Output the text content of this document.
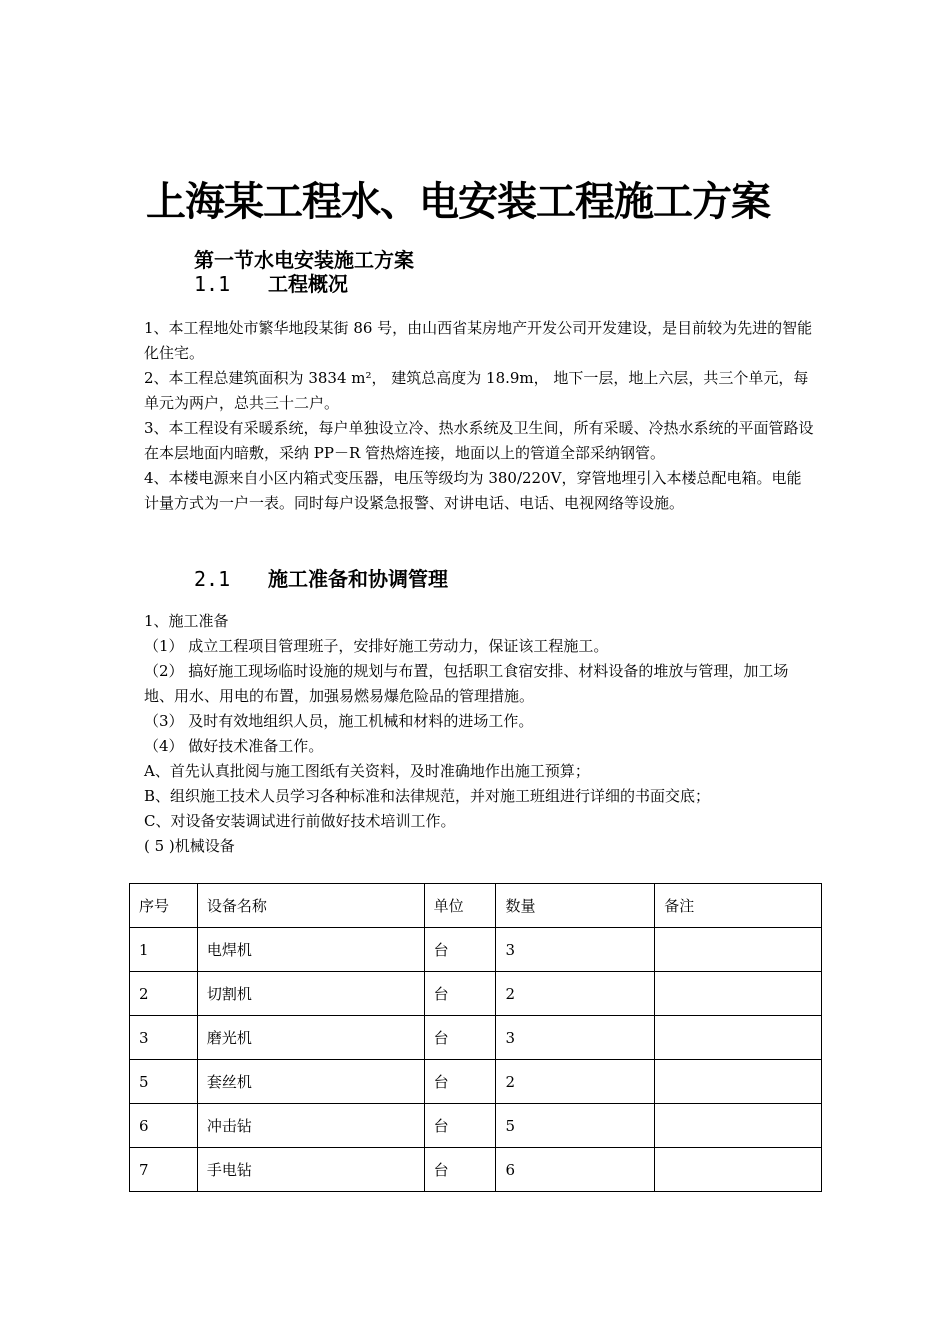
上海某工程水、电安装工程施工方案
第一节水电安装施工方案
1.1 工程概况

1、本工程地处市繁华地段某街 86 号，由山西省某房地产开发公司开发建设，是目前较为先进的智能化住宅。

2、本工程总建筑面积为 3834 m²， 建筑总高度为 18.9m， 地下一层，地上六层，共三个单元，每单元为两户，总共三十二户。

3、本工程设有采暖系统，每户单独设立冷、热水系统及卫生间，所有采暖、冷热水系统的平面管路设在本层地面内暗敷，采纳 PP－R 管热熔连接，地面以上的管道全部采纳钢管。

4、本楼电源来自小区内箱式变压器，电压等级均为 380/220V，穿管地埋引入本楼总配电箱。电能计量方式为一户一表。同时每户设紧急报警、对讲电话、电话、电视网络等设施。

2.1 施工准备和协调管理

1、施工准备

（1） 成立工程项目管理班子，安排好施工劳动力，保证该工程施工。

（2） 搞好施工现场临时设施的规划与布置，包括职工食宿安排、材料设备的堆放与管理，加工场地、用水、用电的布置，加强易燃易爆危险品的管理措施。

（3） 及时有效地组织人员，施工机械和材料的进场工作。

（4） 做好技术准备工作。

A、首先认真批阅与施工图纸有关资料，及时准确地作出施工预算；

B、组织施工技术人员学习各种标准和法律规范，并对施工班组进行详细的书面交底；

C、对设备安装调试进行前做好技术培训工作。

( 5 )机械设备

序号	设备名称	单位	数量	备注
1	电焊机	台	3	
2	切割机	台	2	
3	磨光机	台	3	
5	套丝机	台	2	
6	冲击钻	台	5	
7	手电钻	台	6	
